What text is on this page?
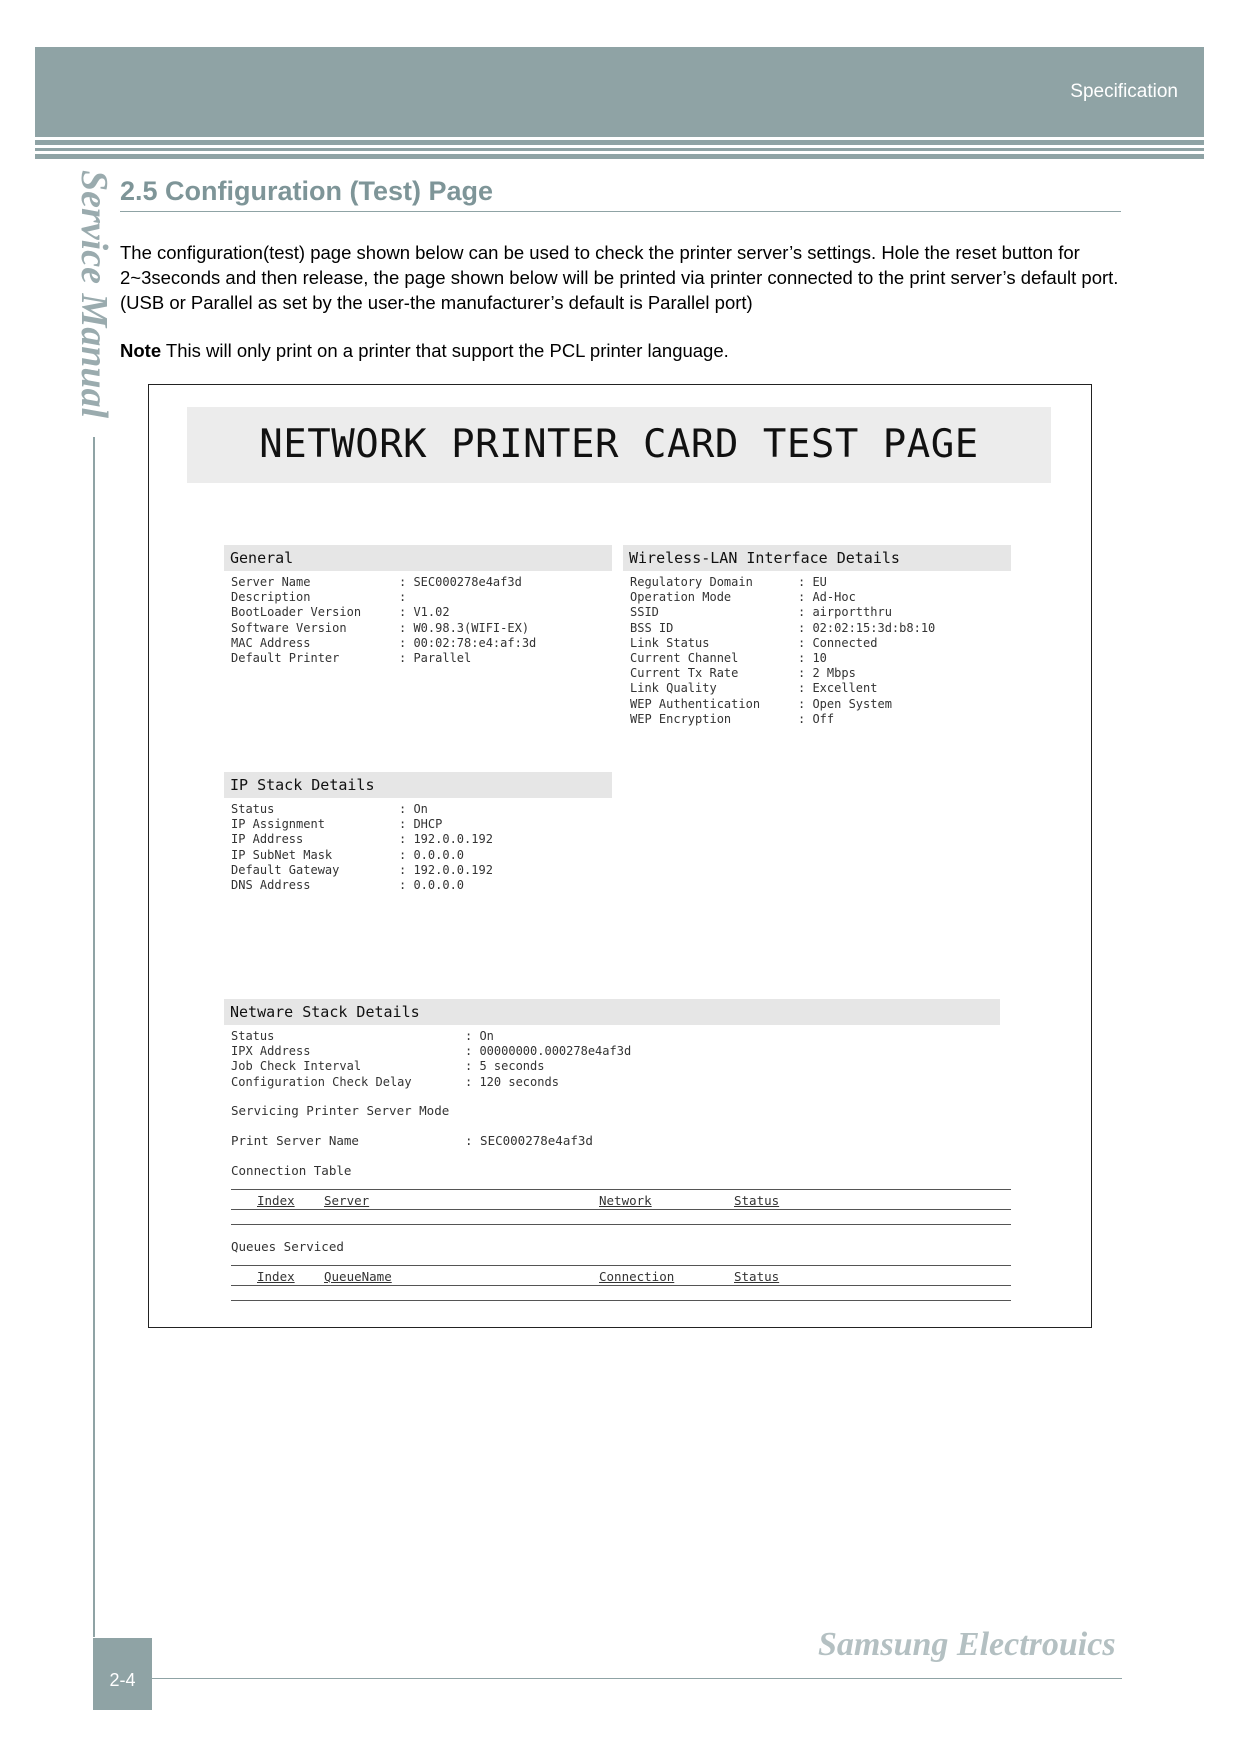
Specification
Service Manual 2.5 Configuration (Test) Page
The configuration(test) page shown below can be used to check the printer server’s settings. Hole the reset button for 2~3seconds and then release, the page shown below will be printed via printer connected to the print server’s default port.(USB or Parallel as set by the user-the manufacturer’s default is Parallel port)
Note This will only print on a printer that support the PCL printer language.
NETWORK PRINTER CARD TEST PAGE
General
Server Name	: SEC000278e4af3d
Description	:
BootLoader Version	: V1.02
Software Version	: W0.98.3(WIFI-EX)
MAC Address	: 00:02:78:e4:af:3d
Default Printer	: Parallel
Wireless-LAN Interface Details
Regulatory Domain	: EU
Operation Mode	: Ad-Hoc
SSID	: airportthru
BSS ID	: 02:02:15:3d:b8:10
Link Status	: Connected
Current Channel	: 10
Current Tx Rate	: 2 Mbps
Link Quality	: Excellent
WEP Authentication	: Open System
WEP Encryption	: Off
IP Stack Details
Status	: On
IP Assignment	: DHCP
IP Address	: 192.0.0.192
IP SubNet Mask	: 0.0.0.0
Default Gateway	: 192.0.0.192
DNS Address	: 0.0.0.0
Netware Stack Details
Status	: On
IPX Address	: 00000000.000278e4af3d
Job Check Interval	: 5 seconds
Configuration Check Delay	: 120 seconds
Servicing Printer Server Mode
Print Server Name	: SEC000278e4af3d
Connection Table
Index Server	Network	Status
Queues Serviced
Index QueueName	Connection	Status
Samsung Electrouics
2-4
